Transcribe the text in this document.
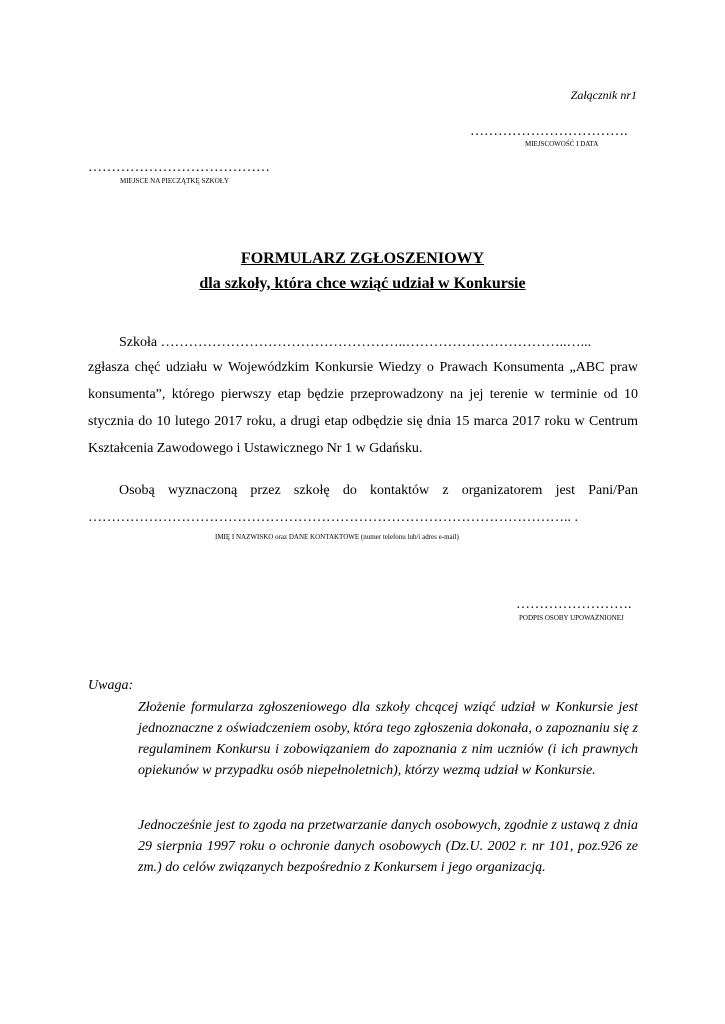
Załącznik nr1
…………………………….
MIEJSCOWOŚĆ I DATA
…………………………………
MIEJSCE NA PIECZĄTKĘ SZKOŁY
FORMULARZ ZGŁOSZENIOWY
dla szkoły, która chce wziąć udział w Konkursie
Szkoła ……………………………………………..……………………………..…...
zgłasza chęć udziału w Wojewódzkim Konkursie Wiedzy o Prawach Konsumenta „ABC praw konsumenta”, którego pierwszy etap będzie przeprowadzony na jej terenie w terminie od 10 stycznia do 10 lutego 2017 roku, a drugi etap odbędzie się dnia 15 marca 2017 roku w Centrum Kształcenia Zawodowego i Ustawicznego Nr 1 w Gdańsku.
Osobą wyznaczoną przez szkołę do kontaktów z organizatorem jest Pani/Pan
………………………………………………………………………………………….. .
IMIĘ I NAZWISKO oraz DANE KONTAKTOWE (numer telefonu lub/i adres e-mail)
…………………….
PODPIS OSOBY UPOWAŻNIONEJ
Uwaga:
Złożenie formularza zgłoszeniowego dla szkoły chcącej wziąć udział w Konkursie jest jednoznaczne z oświadczeniem osoby, która tego zgłoszenia dokonała, o zapoznaniu się z regulaminem Konkursu i zobowiązaniem do zapoznania z nim uczniów (i ich prawnych opiekunów w przypadku osób niepełnoletnich), którzy wezmą udział w Konkursie.
Jednocześnie jest to zgoda na przetwarzanie danych osobowych, zgodnie z ustawą z dnia 29 sierpnia 1997 roku o ochronie danych osobowych (Dz.U. 2002 r. nr 101, poz.926 ze zm.) do celów związanych bezpośrednio z Konkursem i jego organizacją.
